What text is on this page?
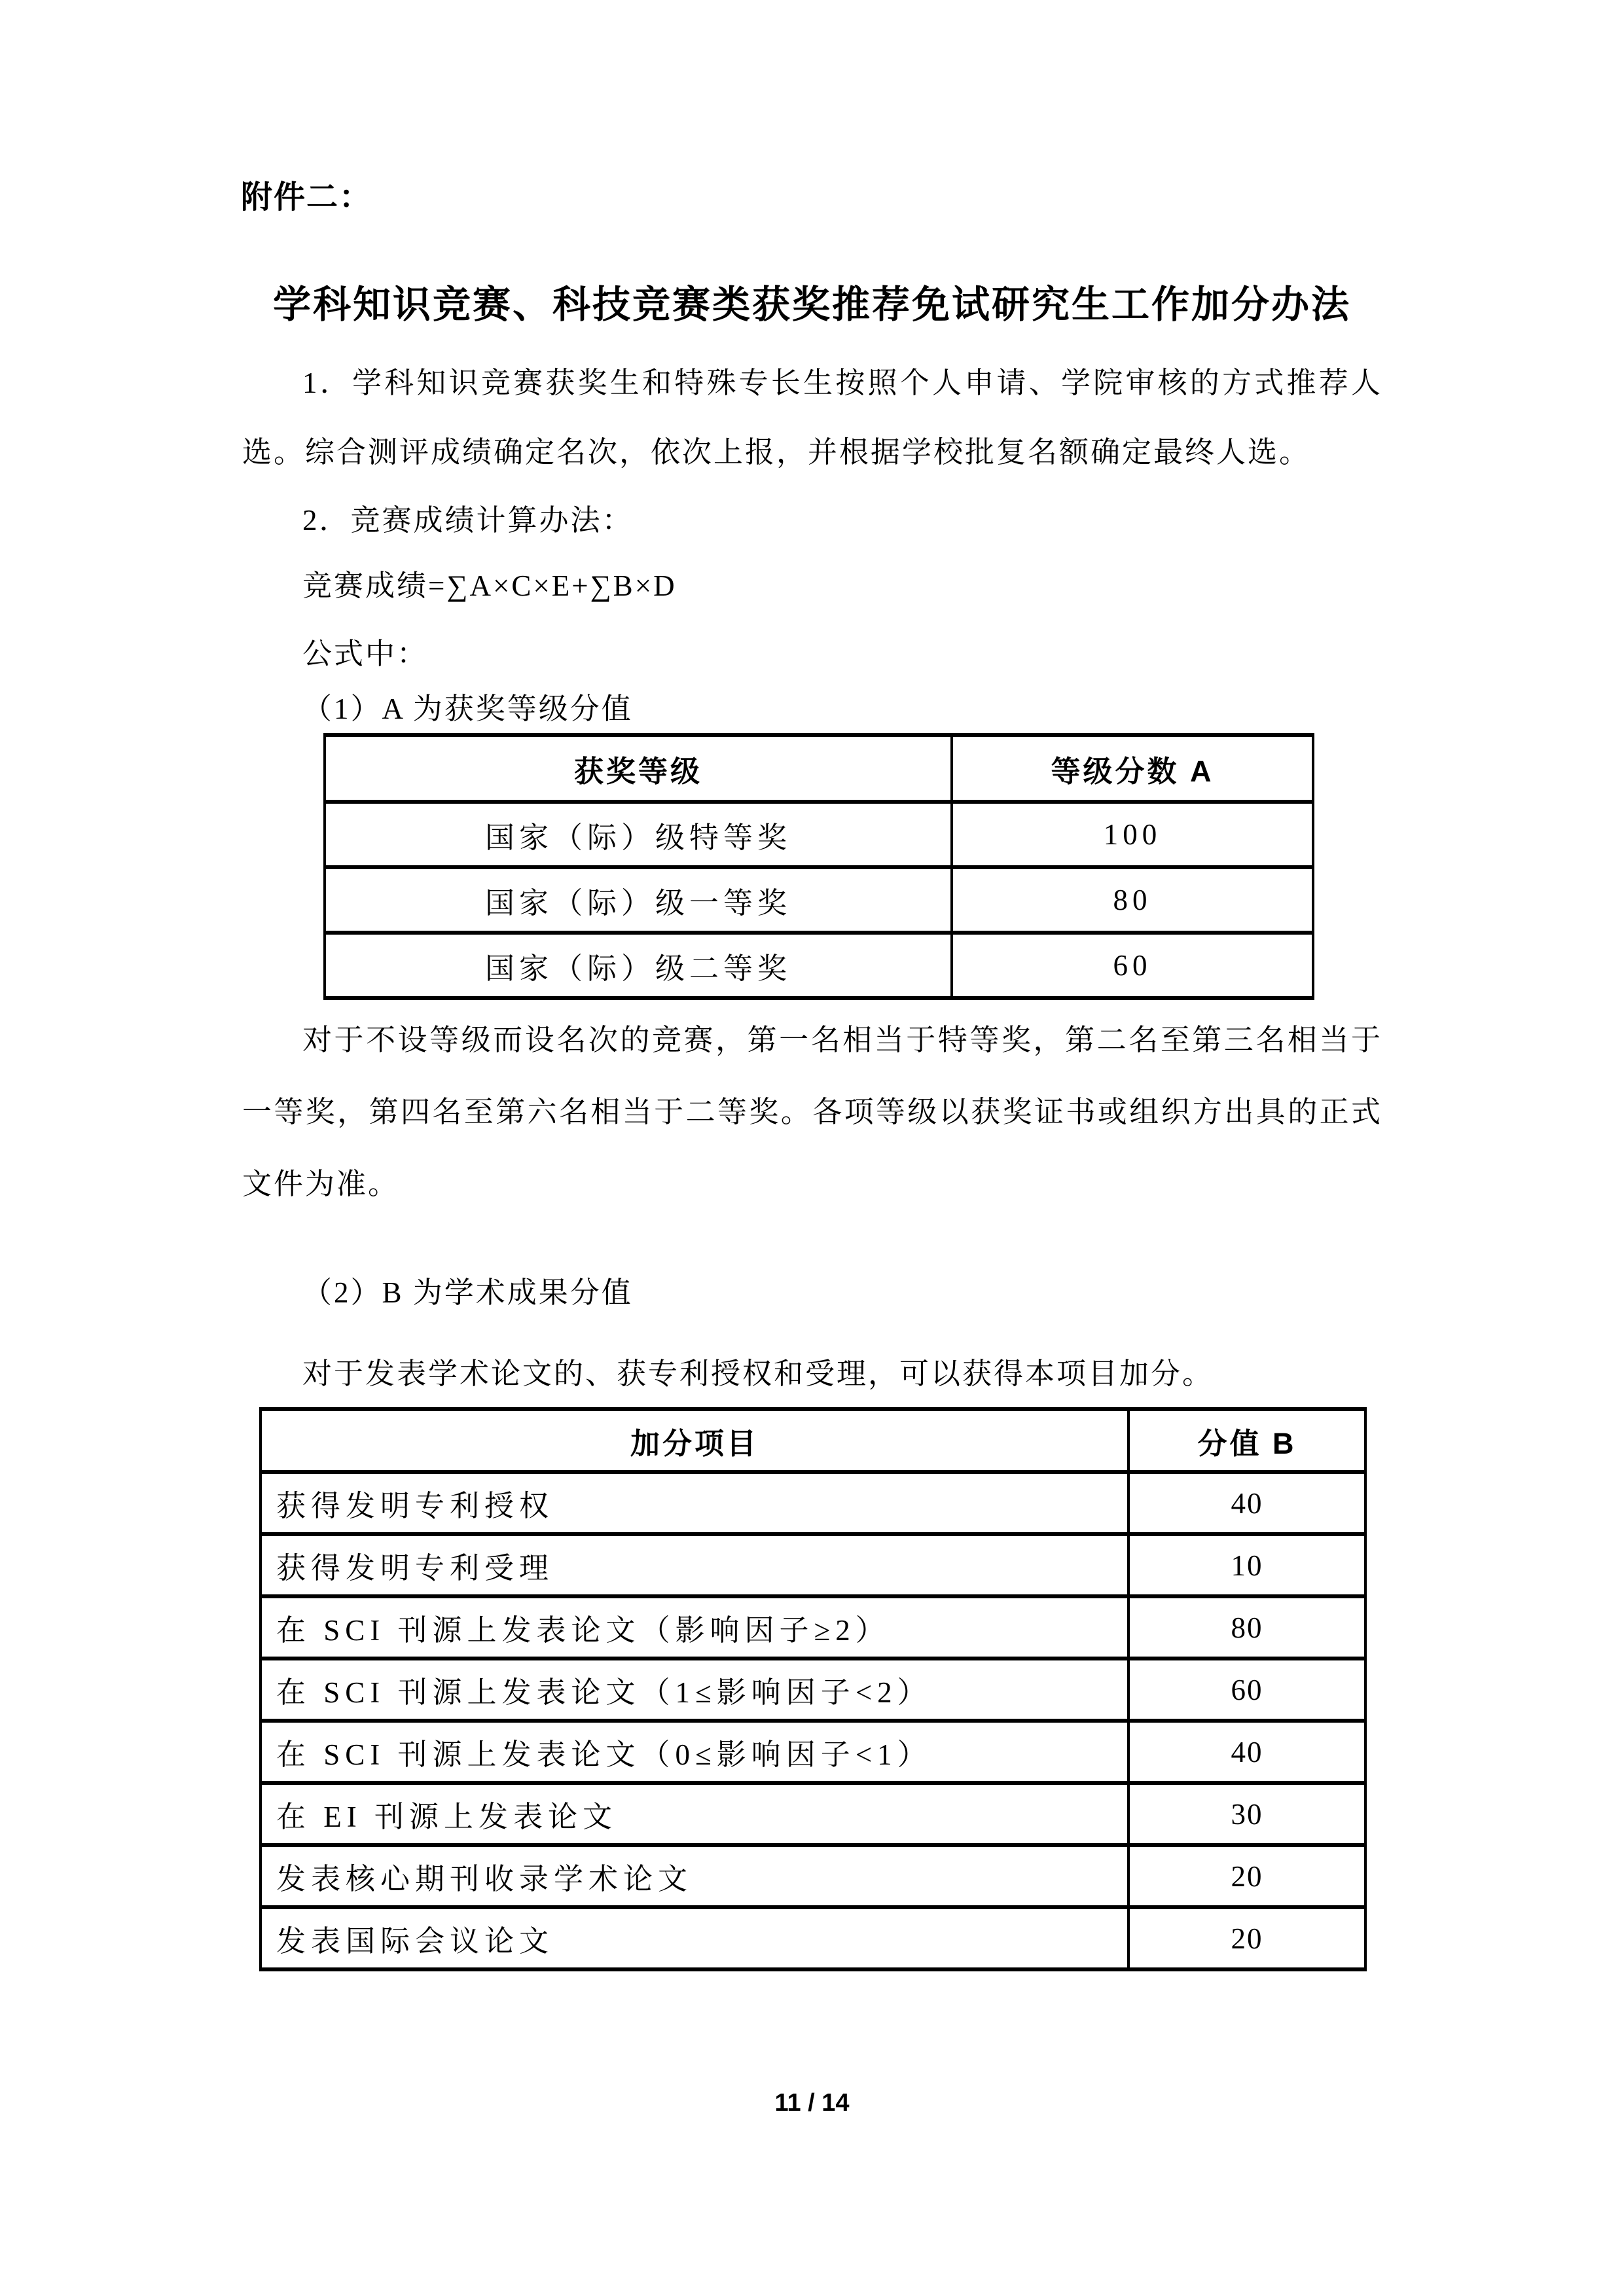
附件二：
学科知识竞赛、科技竞赛类获奖推荐免试研究生工作加分办法

1．学科知识竞赛获奖生和特殊专长生按照个人申请、学院审核的方式推荐人选。综合测评成绩确定名次，依次上报，并根据学校批复名额确定最终人选。

2．竞赛成绩计算办法：

竞赛成绩=∑A×C×E+∑B×D

公式中：

（1）A 为获奖等级分值

获奖等级	等级分数 A
国家（际）级特等奖	100
国家（际）级一等奖	80
国家（际）级二等奖	60

对于不设等级而设名次的竞赛，第一名相当于特等奖，第二名至第三名相当于一等奖，第四名至第六名相当于二等奖。各项等级以获奖证书或组织方出具的正式文件为准。

（2）B 为学术成果分值

对于发表学术论文的、获专利授权和受理，可以获得本项目加分。

加分项目	分值 B
获得发明专利授权	40
获得发明专利受理	10
在 SCI 刊源上发表论文（影响因子≥2）	80
在 SCI 刊源上发表论文（1≤影响因子<2）	60
在 SCI 刊源上发表论文（0≤影响因子<1）	40
在 EI 刊源上发表论文	30
发表核心期刊收录学术论文	20
发表国际会议论文	20
11 / 14
